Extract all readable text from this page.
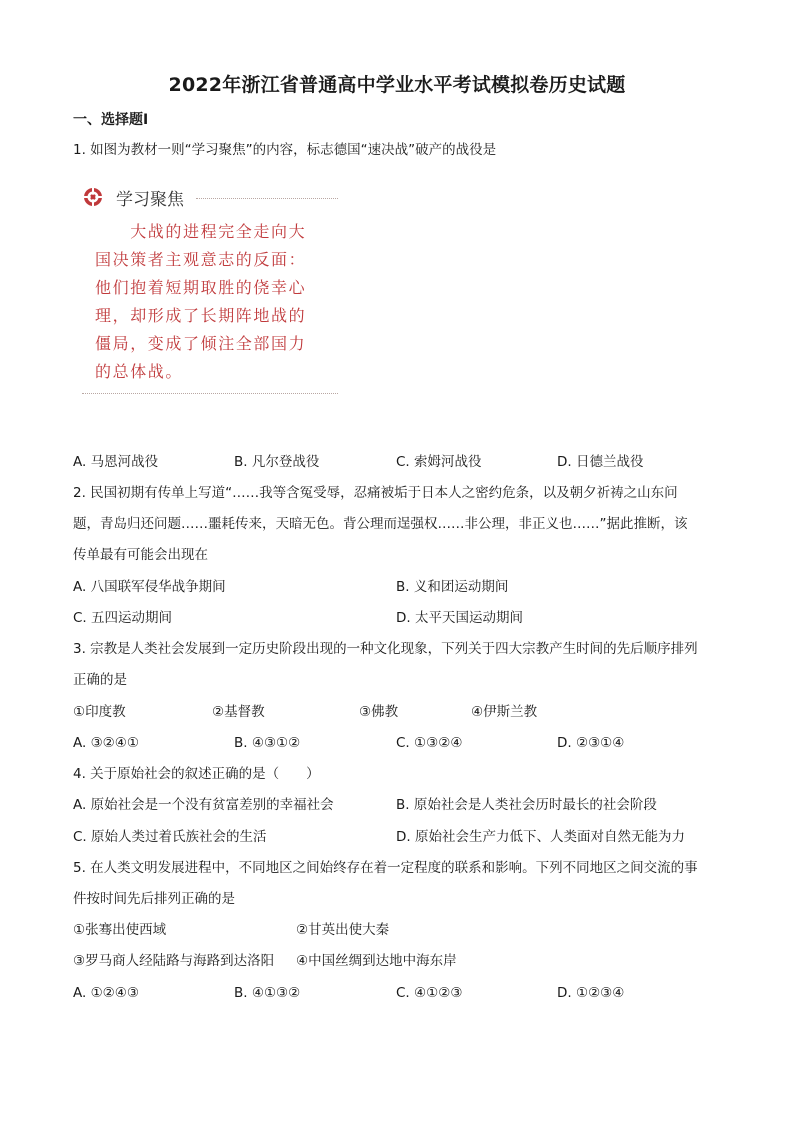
2022年浙江省普通高中学业水平考试模拟卷历史试题
一、选择题Ⅰ
1. 如图为教材一则“学习聚焦”的内容，标志德国“速决战”破产的战役是
学习聚焦

　　大战的进程完全走向大

国决策者主观意志的反面：

他们抱着短期取胜的侥幸心

理，却形成了长期阵地战的

僵局，变成了倾注全部国力

的总体战。

A. 马恩河战役	B. 凡尔登战役	C. 索姆河战役	D. 日德兰战役
2. 民国初期有传单上写道“……我等含冤受辱，忍痛被垢于日本人之密约危条，以及朝夕祈祷之山东问
题，青岛归还问题……噩耗传来，天暗无色。背公理而逞强权……非公理，非正义也……”据此推断，该
传单最有可能会出现在
A. 八国联军侵华战争期间	B. 义和团运动期间
C. 五四运动期间	D. 太平天国运动期间
3. 宗教是人类社会发展到一定历史阶段出现的一种文化现象，下列关于四大宗教产生时间的先后顺序排列
正确的是
①印度教	②基督教	③佛教	④伊斯兰教
A. ③②④①	B. ④③①②	C. ①③②④	D. ②③①④
4. 关于原始社会的叙述正确的是（　　）
A. 原始社会是一个没有贫富差别的幸福社会	B. 原始社会是人类社会历时最长的社会阶段
C. 原始人类过着氏族社会的生活	D. 原始社会生产力低下、人类面对自然无能为力
5. 在人类文明发展进程中，不同地区之间始终存在着一定程度的联系和影响。下列不同地区之间交流的事
件按时间先后排列正确的是
①张骞出使西域	②甘英出使大秦
③罗马商人经陆路与海路到达洛阳 ④中国丝绸到达地中海东岸
A. ①②④③	B. ④①③②	C. ④①②③	D. ①②③④
